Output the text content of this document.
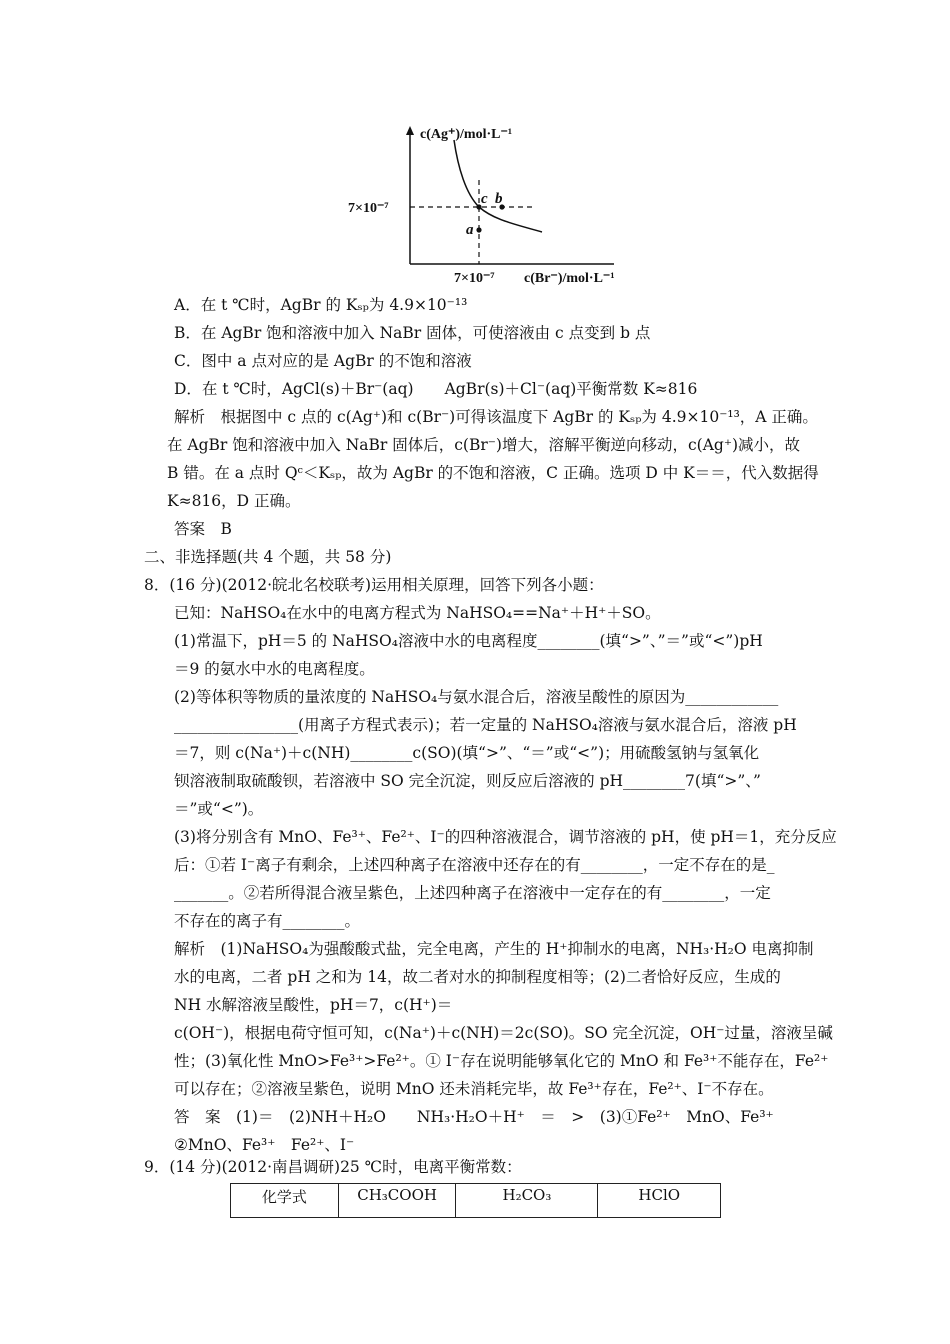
c(Ag⁺)/mol·L⁻¹
7×10⁻⁷
7×10⁻⁷ c(Br⁻)/mol·L⁻¹
c b
a
A．在 t ℃时，AgBr 的 Kₛₚ为 4.9×10⁻¹³
B．在 AgBr 饱和溶液中加入 NaBr 固体，可使溶液由 c 点变到 b 点
C．图中 a 点对应的是 AgBr 的不饱和溶液
D．在 t ℃时，AgCl(s)＋Br⁻(aq)　　AgBr(s)＋Cl⁻(aq)平衡常数 K≈816
解析　根据图中 c 点的 c(Ag⁺)和 c(Br⁻)可得该温度下 AgBr 的 Kₛₚ为 4.9×10⁻¹³，A 正确。
在 AgBr 饱和溶液中加入 NaBr 固体后，c(Br⁻)增大，溶解平衡逆向移动，c(Ag⁺)减小，故
B 错。在 a 点时 Qᶜ＜Kₛₚ，故为 AgBr 的不饱和溶液，C 正确。选项 D 中 K＝＝，代入数据得
K≈816，D 正确。
答案　B
二、非选择题(共 4 个题，共 58 分)
8．(16 分)(2012·皖北名校联考)运用相关原理，回答下列各小题：
已知：NaHSO₄在水中的电离方程式为 NaHSO₄==Na⁺＋H⁺＋SO。
(1)常温下，pH＝5 的 NaHSO₄溶液中水的电离程度________(填“>”、”＝”或“<”)pH
＝9 的氨水中水的电离程度。
(2)等体积等物质的量浓度的 NaHSO₄与氨水混合后，溶液呈酸性的原因为____________
________________(用离子方程式表示)；若一定量的 NaHSO₄溶液与氨水混合后，溶液 pH
＝7，则 c(Na⁺)＋c(NH)________c(SO)(填“>”、“＝”或“<”)；用硫酸氢钠与氢氧化
钡溶液制取硫酸钡，若溶液中 SO 完全沉淀，则反应后溶液的 pH________7(填“>”、”
＝”或“<”)。
(3)将分别含有 MnO、Fe³⁺、Fe²⁺、I⁻的四种溶液混合，调节溶液的 pH，使 pH＝1，充分反应
后：①若 I⁻离子有剩余，上述四种离子在溶液中还存在的有________，一定不存在的是_
_______。②若所得混合液呈紫色，上述四种离子在溶液中一定存在的有________，一定
不存在的离子有________。
解析　(1)NaHSO₄为强酸酸式盐，完全电离，产生的 H⁺抑制水的电离，NH₃·H₂O 电离抑制
水的电离，二者 pH 之和为 14，故二者对水的抑制程度相等；(2)二者恰好反应，生成的
NH 水解溶液呈酸性，pH＝7，c(H⁺)＝
c(OH⁻)，根据电荷守恒可知，c(Na⁺)＋c(NH)＝2c(SO)。SO 完全沉淀，OH⁻过量，溶液呈碱
性；(3)氧化性 MnO>Fe³⁺>Fe²⁺。① I⁻存在说明能够氧化它的 MnO 和 Fe³⁺不能存在，Fe²⁺
可以存在；②溶液呈紫色，说明 MnO 还未消耗完毕，故 Fe³⁺存在，Fe²⁺、I⁻不存在。
答　案　(1)＝　(2)NH＋H₂O　　NH₃·H₂O＋H⁺　＝　>　(3)①Fe²⁺　MnO、Fe³⁺
②MnO、Fe³⁺　Fe²⁺、I⁻
9．(14 分)(2012·南昌调研)25 ℃时，电离平衡常数：
化学式	CH₃COOH	H₂CO₃	HClO
